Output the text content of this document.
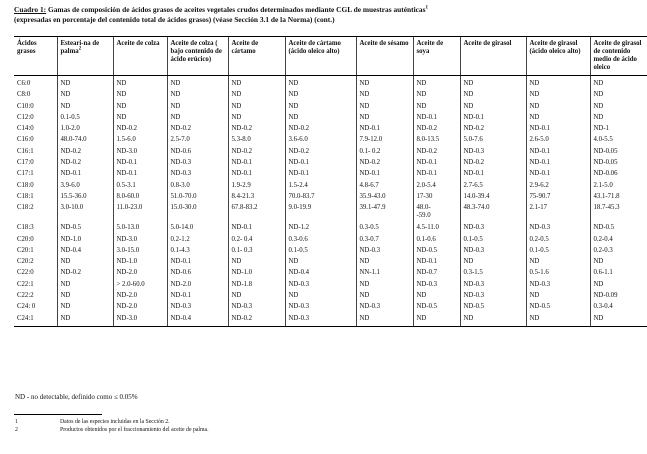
Cuadro 1: Gamas de composición de ácidos grasos de aceites vegetales crudos determinados mediante CGL de muestras auténticas$^1$
(expresadas en porcentaje del contenido total de ácidos grasos) (véase Sección 3.1 de la Norma) (cont.)
Ácidos grasos	Esteari-na de palma$^2$	Aceite de colza	Aceite de colza ( bajo contenido de ácido erúcico)	Aceite de cártamo	Aceite de cártamo (ácido oleico alto)	Aceite de sésamo	Aceite de soya	Aceite de girasol	Aceite de girasol (ácido oleico alto)	Aceite de girasol de contenido medio de ácido oleico

C6:0	ND	ND	ND	ND	ND	ND	ND	ND	ND	ND
C8:0	ND	ND	ND	ND	ND	ND	ND	ND	ND	ND
C10:0	ND	ND	ND	ND	ND	ND	ND	ND	ND	ND
C12:0	0.1-0.5	ND	ND	ND	ND	ND	ND-0.1	ND-0.1	ND	ND
C14:0	1.0-2.0	ND-0.2	ND-0.2	ND-0.2	ND-0.2	ND-0.1	ND-0.2	ND-0.2	ND-0.1	ND-1
C16:0	48.0-74.0	1.5-6.0	2.5-7.0	5.3-8.0	3.6-6.0	7.9-12.0	8.0-13.5	5.0-7.6	2.6-5.0	4.0-5.5
C16:1	ND-0.2	ND-3.0	ND-0.6	ND-0.2	ND-0.2	0.1- 0.2	ND-0.2	ND-0.3	ND-0.1	ND-0.05
C17:0	ND-0.2	ND-0.1	ND-0.3	ND-0.1	ND-0.1	ND-0.2	ND-0.1	ND-0.2	ND-0.1	ND-0.05
C17:1	ND-0.1	ND-0.1	ND-0.3	ND-0.1	ND-0.1	ND-0.1	ND-0.1	ND-0.1	ND-0.1	ND-0.06
C18:0	3.9-6.0	0.5-3.1	0.8-3.0	1.9-2.9	1.5-2.4	4.8-6.7	2.0-5.4	2.7-6.5	2.9-6.2	2.1-5.0
C18:1	15.5-36.0	8.0-60.0	51.0-70.0	8.4-21.3	70.0-83.7	35.9-43.0	17-30	14.0-39.4	75-90.7	43.1-71.8
C18:2	3.0-10.0	11.0-23.0	15.0-30.0	67.8-83.2	9.0-19.9	39.1-47.9	48.0-
-59.0	48.3-74.0	2.1-17	18.7-45.3

C18:3	ND-0.5	5.0-13.0	5.0-14.0	ND-0.1	ND-1.2	0.3-0.5	4.5-11.0	ND-0.3	ND-0.3	ND-0.5
C20:0	ND-1.0	ND-3.0	0.2-1.2	0.2- 0.4	0.3-0.6	0.3-0.7	0.1-0.6	0.1-0.5	0.2-0.5	0.2-0.4
C20:1	ND-0.4	3.0-15.0	0.1-4.3	0.1- 0.3	0.1-0.5	ND-0.3	ND-0.5	ND-0.3	0.1-0.5	0.2-0.3
C20:2	ND	ND-1.0	ND-0.1	ND	ND	ND	ND-0.1	ND	ND	ND
C22:0	ND-0.2	ND-2.0	ND-0.6	ND-1.0	ND-0.4	NN-1.1	ND-0.7	0.3-1.5	0.5-1.6	0.6-1.1
C22:1	ND	> 2.0-60.0	ND-2.0	ND-1.8	ND-0.3	ND	ND-0.3	ND-0.3	ND-0.3	ND
C22:2	ND	ND-2.0	ND-0.1	ND	ND	ND	ND	ND-0.3	ND	ND-0.09
C24: 0	ND	ND-2.0	ND-0.3	ND-0.3	ND-0.3	ND-0.3	ND-0.5	ND-0.5	ND-0.5	0.3-0.4
C24:1	ND	ND-3.0	ND-0.4	ND-0.2	ND-0.3	ND	ND	ND	ND	ND
ND - no detectable, definido como ≤ 0.05%
1	Datos de las especies incluidas en la Sección 2.
2	Productos obtenidos por el fraccionamiento del aceite de palma.
